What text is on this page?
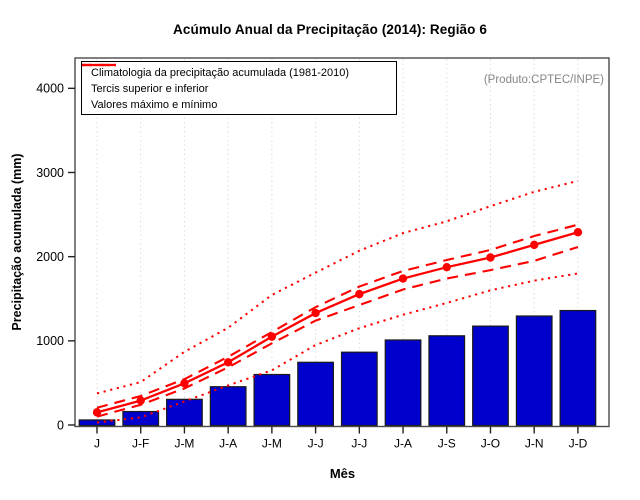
0
1000
2000
3000
4000
J	J-F J-M J-A J-M J-J J-J J-A J-S J-O J-N J-D
Acúmulo Anual da Precipitação (2014): Região 6
(Produto:CPTEC/INPE)
Precipitação acumulada (mm)
Mês
Climatologia da precipitação acumulada (1981-2010)
Tercis superior e inferior
Valores máximo e mínimo
